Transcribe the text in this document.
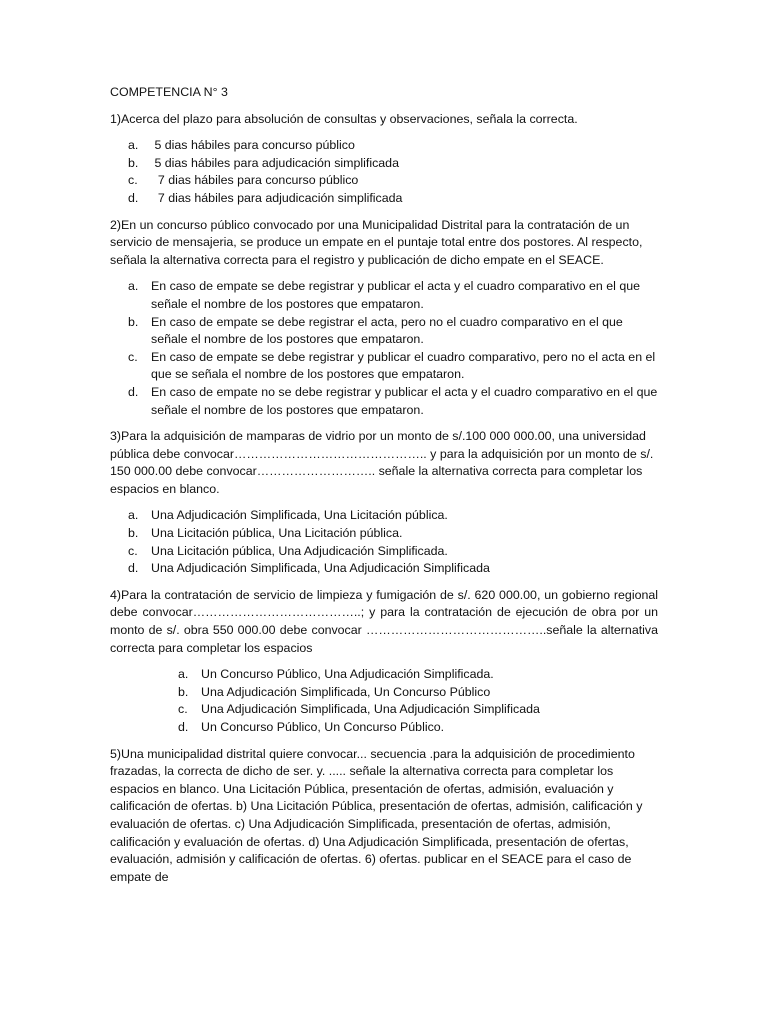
COMPETENCIA N° 3
1)Acerca del plazo para absolución de consultas y observaciones, señala la correcta.
a. 5 dias hábiles para concurso público
b. 5 dias hábiles para adjudicación simplificada
c. 7 dias hábiles para concurso público
d. 7 dias hábiles para adjudicación simplificada
2)En un concurso público convocado por una Municipalidad Distrital para la contratación de un servicio de mensajeria, se produce un empate en el puntaje total entre dos postores. Al respecto, señala la alternativa correcta para el registro y publicación de dicho empate en el SEACE.
a. En caso de empate se debe registrar y publicar el acta y el cuadro comparativo en el que señale el nombre de los postores que empataron.
b. En caso de empate se debe registrar el acta, pero no el cuadro comparativo en el que señale el nombre de los postores que empataron.
c. En caso de empate se debe registrar y publicar el cuadro comparativo, pero no el acta en el que se señala el nombre de los postores que empataron.
d. En caso de empate no se debe registrar y publicar el acta y el cuadro comparativo en el que señale el nombre de los postores que empataron.
3)Para la adquisición de mamparas de vidrio por un monto de s/.100 000 000.00, una universidad pública debe convocar……………………………………….. y para la adquisición por un monto de s/. 150 000.00 debe convocar……………………….. señale la alternativa correcta para completar los espacios en blanco.
a. Una Adjudicación Simplificada, Una Licitación pública.
b. Una Licitación pública, Una Licitación pública.
c. Una Licitación pública, Una Adjudicación Simplificada.
d. Una Adjudicación Simplificada, Una Adjudicación Simplificada
4)Para la contratación de servicio de limpieza y fumigación de s/. 620 000.00, un gobierno regional debe convocar…………………………………..; y para la contratación de ejecución de obra por un monto de s/. obra 550 000.00 debe convocar ……………………………………..señale la alternativa correcta para completar los espacios
a. Un Concurso Público, Una Adjudicación Simplificada.
b. Una Adjudicación Simplificada, Un Concurso Público
c. Una Adjudicación Simplificada, Una Adjudicación Simplificada
d. Un Concurso Público, Un Concurso Público.
5)Una municipalidad distrital quiere convocar... secuencia .para la adquisición de procedimiento frazadas, la correcta de dicho de ser. y. ..... señale la alternativa correcta para completar los espacios en blanco. Una Licitación Pública, presentación de ofertas, admisión, evaluación y calificación de ofertas. b) Una Licitación Pública, presentación de ofertas, admisión, calificación y evaluación de ofertas. c) Una Adjudicación Simplificada, presentación de ofertas, admisión, calificación y evaluación de ofertas. d) Una Adjudicación Simplificada, presentación de ofertas, evaluación, admisión y calificación de ofertas. 6) ofertas. publicar en el SEACE para el caso de empate de
